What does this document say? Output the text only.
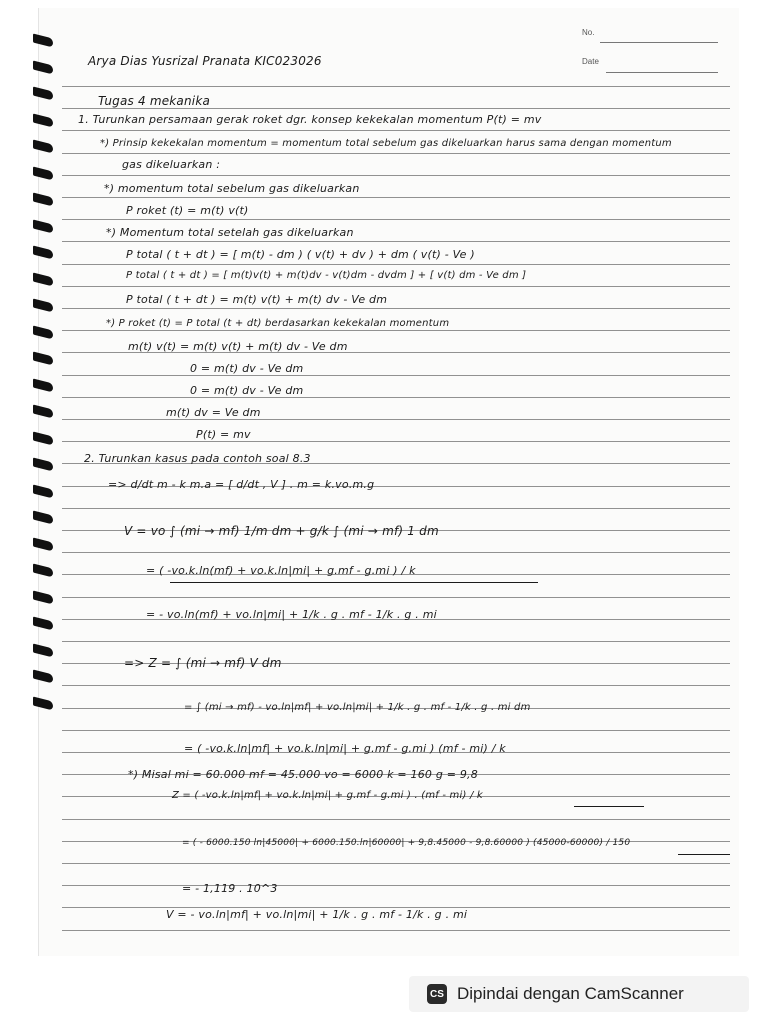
No.
Date
Arya Dias Yusrizal Pranata KIC023026
Tugas 4 mekanika
1. Turunkan persamaan gerak roket dgr. konsep kekekalan momentum P(t) = mv
*) Prinsip kekekalan momentum = momentum total sebelum gas dikeluarkan harus sama dengan momentum
gas dikeluarkan :
*) momentum total sebelum gas dikeluarkan
P roket (t) = m(t) v(t)
*) Momentum total setelah gas dikeluarkan
P total ( t + dt ) = [ m(t) - dm ) ( v(t) + dv ) + dm ( v(t) - Ve )
P total ( t + dt ) = [ m(t)v(t) + m(t)dv - v(t)dm - dvdm ] + [ v(t) dm - Ve dm ]
P total ( t + dt ) = m(t) v(t) + m(t) dv - Ve dm
*) P roket (t) = P total (t + dt) berdasarkan kekekalan momentum
m(t) v(t) = m(t) v(t) + m(t) dv - Ve dm
0 = m(t) dv - Ve dm
0 = m(t) dv - Ve dm
m(t) dv = Ve dm
P(t) = mv
2. Turunkan kasus pada contoh soal 8.3
=> d/dt m - k m.a = [ d/dt , V ] . m = k.vo.m.g
V = vo ∫ (mi → mf) 1/m dm + g/k ∫ (mi → mf) 1 dm
= ( -vo.k.ln(mf) + vo.k.ln|mi| + g.mf - g.mi ) / k
= - vo.ln(mf) + vo.ln|mi| + 1/k . g . mf - 1/k . g . mi
=> Z = ∫ (mi → mf) V dm
= ∫ (mi → mf) - vo.ln|mf| + vo.ln|mi| + 1/k . g . mf - 1/k . g . mi dm
= ( -vo.k.ln|mf| + vo.k.ln|mi| + g.mf - g.mi ) (mf - mi) / k
*) Misal mi = 60.000 mf = 45.000 vo = 6000 k = 160 g = 9,8
Z = ( -vo.k.ln|mf| + vo.k.ln|mi| + g.mf - g.mi ) . (mf - mi) / k
= ( - 6000.150 ln|45000| + 6000.150.ln|60000| + 9,8.45000 - 9,8.60000 ) (45000-60000) / 150
= - 1,119 . 10^3
V = - vo.ln|mf| + vo.ln|mi| + 1/k . g . mf - 1/k . g . mi
CS Dipindai dengan CamScanner
